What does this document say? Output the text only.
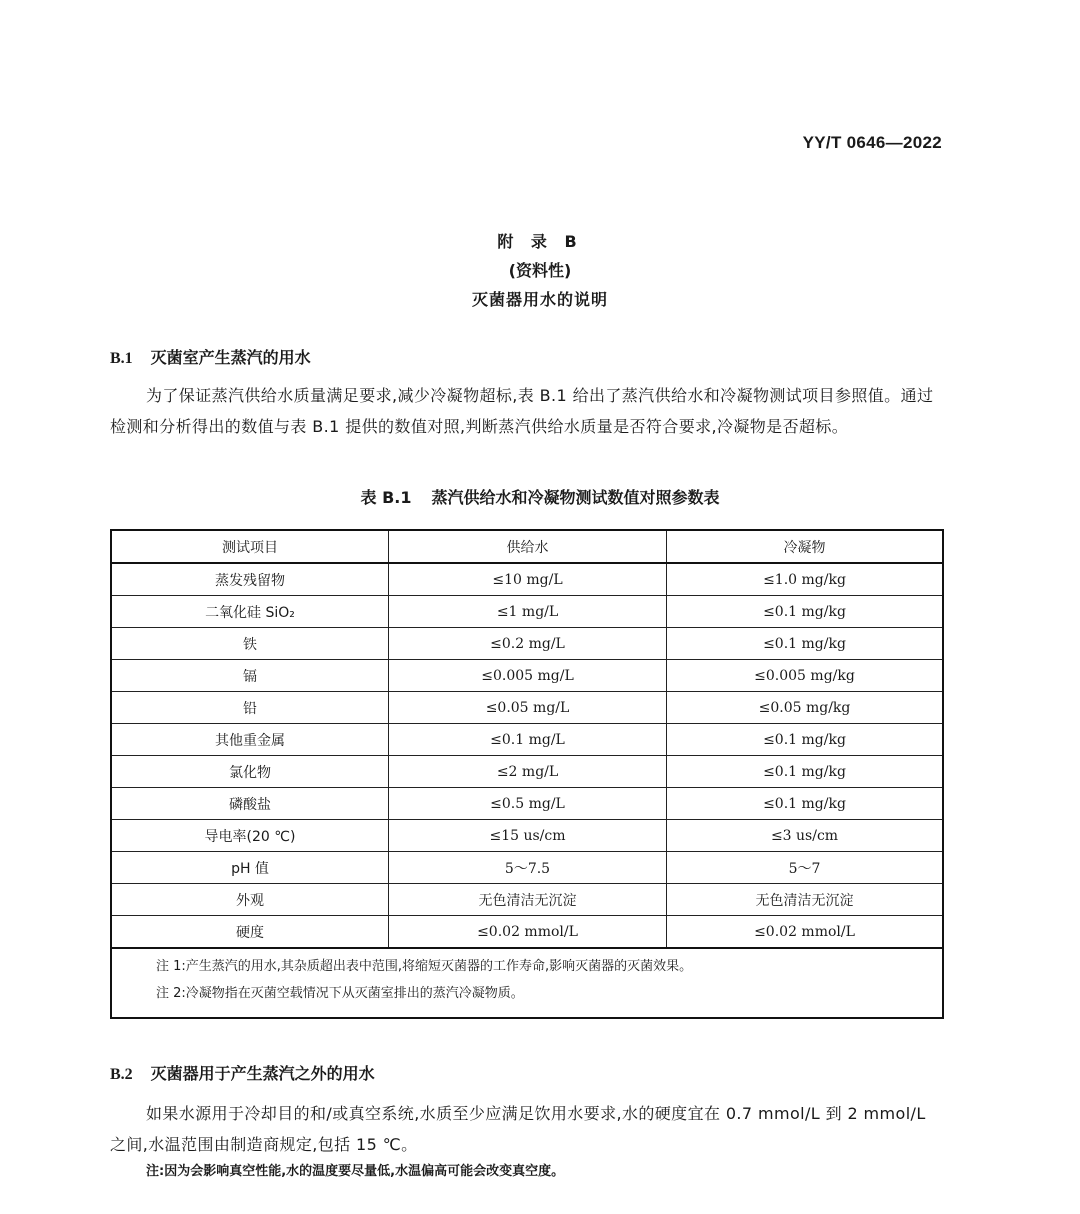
YY/T 0646—2022
附 录 B
(资料性)
灭菌器用水的说明
B.1 灭菌室产生蒸汽的用水
为了保证蒸汽供给水质量满足要求,减少冷凝物超标,表 B.1 给出了蒸汽供给水和冷凝物测试项目参照值。通过检测和分析得出的数值与表 B.1 提供的数值对照,判断蒸汽供给水质量是否符合要求,冷凝物是否超标。
表 B.1 蒸汽供给水和冷凝物测试数值对照参数表
测试项目	供给水	冷凝物
蒸发残留物	≤10 mg/L	≤1.0 mg/kg
二氧化硅 SiO₂	≤1 mg/L	≤0.1 mg/kg
铁	≤0.2 mg/L	≤0.1 mg/kg
镉	≤0.005 mg/L	≤0.005 mg/kg
铅	≤0.05 mg/L	≤0.05 mg/kg
其他重金属	≤0.1 mg/L	≤0.1 mg/kg
氯化物	≤2 mg/L	≤0.1 mg/kg
磷酸盐	≤0.5 mg/L	≤0.1 mg/kg
导电率(20 ℃)	≤15 us/cm	≤3 us/cm
pH 值	5～7.5	5～7
外观	无色清洁无沉淀	无色清洁无沉淀
硬度	≤0.02 mmol/L	≤0.02 mmol/L

注 1:产生蒸汽的用水,其杂质超出表中范围,将缩短灭菌器的工作寿命,影响灭菌器的灭菌效果。
注 2:冷凝物指在灭菌空载情况下从灭菌室排出的蒸汽冷凝物质。		
B.2 灭菌器用于产生蒸汽之外的用水
如果水源用于冷却目的和/或真空系统,水质至少应满足饮用水要求,水的硬度宜在 0.7 mmol/L 到 2 mmol/L 之间,水温范围由制造商规定,包括 15 ℃。
注:因为会影响真空性能,水的温度要尽量低,水温偏高可能会改变真空度。
